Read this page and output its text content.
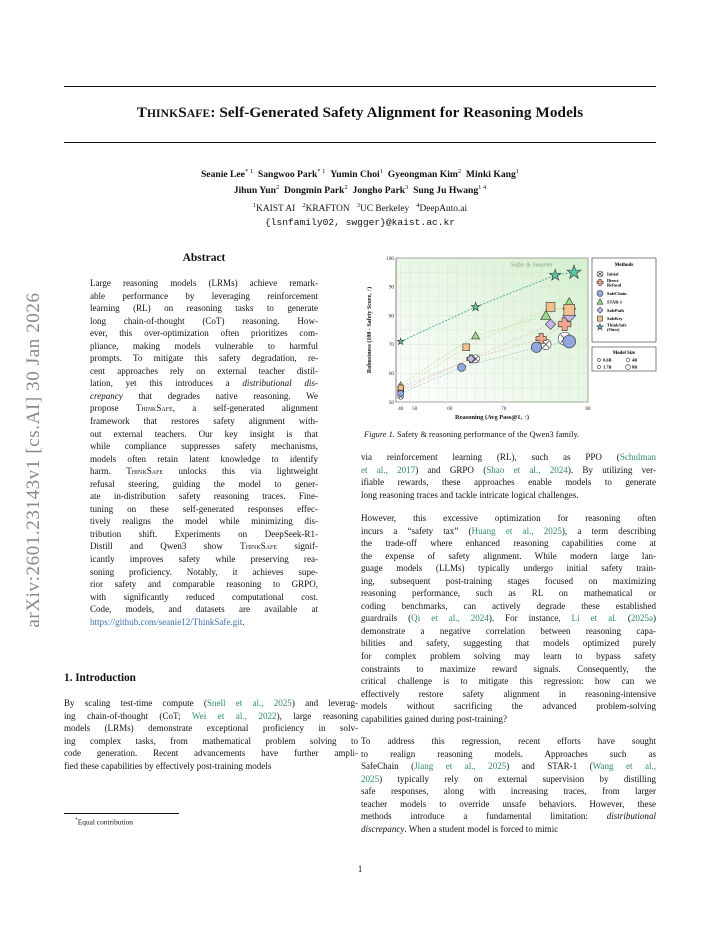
THINKSAFE: Self-Generated Safety Alignment for Reasoning Models
Seanie Lee$^{* 1}$ Sangwoo Park$^{* 1}$ Yumin Choi$^1$ Gyeongman Kim$^2$ Minki Kang$^1$
Jihun Yun$^2$ Dongmin Park$^2$ Jongho Park$^3$ Sung Ju Hwang$^{1 4}$
$^1$KAIST AI $^2$KRAFTON $^3$UC Berkeley $^4$DeepAuto.ai
{lsnfamily02, swgger}@kaist.ac.kr
arXiv:2601.23143v1 [cs.AI] 30 Jan 2026
Abstract
Large reasoning models (LRMs) achieve remark-
able performance by leveraging reinforcement
learning (RL) on reasoning tasks to generate
long chain-of-thought (CoT) reasoning. How-
ever, this over-optimization often prioritizes com-
pliance, making models vulnerable to harmful
prompts. To mitigate this safety degradation, re-
cent approaches rely on external teacher distil-
lation, yet this introduces a distributional dis-
crepancy that degrades native reasoning. We
propose ThinkSafe, a self-generated alignment
framework that restores safety alignment with-
out external teachers. Our key insight is that
while compliance suppresses safety mechanisms,
models often retain latent knowledge to identify
harm. ThinkSafe unlocks this via lightweight
refusal steering, guiding the model to gener-
ate in-distribution safety reasoning traces. Fine-
tuning on these self-generated responses effec-
tively realigns the model while minimizing dis-
tribution shift. Experiments on DeepSeek-R1-
Distill and Qwen3 show ThinkSafe signif-
icantly improves safety while preserving rea-
soning proficiency. Notably, it achieves supe-
rior safety and comparable reasoning to GRPO,
with significantly reduced computational cost.
Code, models, and datasets are available at
https://github.com/seanie12/ThinkSafe.git.
1. Introduction
By scaling test-time compute (Snell et al., 2025) and leverag-
ing chain-of-thought (CoT; Wei et al., 2022), large reasoning
models (LRMs) demonstrate exceptional proficiency in solv-
ing complex tasks, from mathematical problem solving to
code generation. Recent advancements have further ampli-
fied these capabilities by effectively post-training models
*Equal contribution
40 50	60	70	80
50
60
70
80
90
100
Reasoning (Avg Pass@1, ↑)
Robustness (100 - Safety Score, ↑)
Safer & Smarter	Methods
Initial
Direct Refusal
SafeChain
STAR-1
SafePath
SafeKey
ThinkSafe (Ours)
Model Size
0.6B	4B
1.7B	8B
Figure 1. Safety & reasoning performance of the Qwen3 family.
via reinforcement learning (RL), such as PPO (Schulman
et al., 2017) and GRPO (Shao et al., 2024). By utilizing ver-
ifiable rewards, these approaches enable models to generate
long reasoning traces and tackle intricate logical challenges.
However, this excessive optimization for reasoning often
incurs a “safety tax” (Huang et al., 2025), a term describing
the trade-off where enhanced reasoning capabilities come at
the expense of safety alignment. While modern large lan-
guage models (LLMs) typically undergo initial safety train-
ing, subsequent post-training stages focused on maximizing
reasoning performance, such as RL on mathematical or
coding benchmarks, can actively degrade these established
guardrails (Qi et al., 2024). For instance, Li et al. (2025a)
demonstrate a negative correlation between reasoning capa-
bilities and safety, suggesting that models optimized purely
for complex problem solving may learn to bypass safety
constraints to maximize reward signals. Consequently, the
critical challenge is to mitigate this regression: how can we
effectively restore safety alignment in reasoning-intensive
models without sacrificing the advanced problem-solving
capabilities gained during post-training?
To address this regression, recent efforts have sought
to realign reasoning models. Approaches such as
SafeChain (Jiang et al., 2025) and STAR-1 (Wang et al.,
2025) typically rely on external supervision by distilling
safe responses, along with increasing traces, from larger
teacher models to override unsafe behaviors. However, these
methods introduce a fundamental limitation: distributional
discrepancy. When a student model is forced to mimic
1
